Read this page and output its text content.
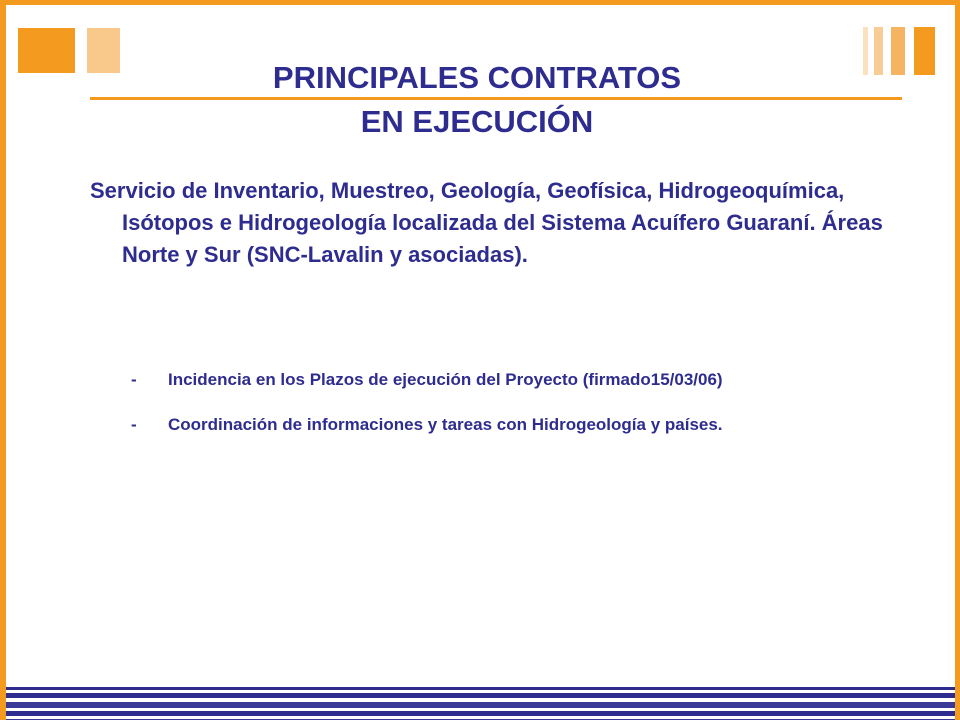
PRINCIPALES CONTRATOS
EN EJECUCIÓN

Servicio de Inventario, Muestreo, Geología, Geofísica, Hidrogeoquímica, Isótopos e Hidrogeología localizada del Sistema Acuífero Guaraní. Áreas Norte y Sur (SNC-Lavalin y asociadas).

- Incidencia en los Plazos de ejecución del Proyecto (firmado15/03/06)
- Coordinación de informaciones y tareas con Hidrogeología y países.
